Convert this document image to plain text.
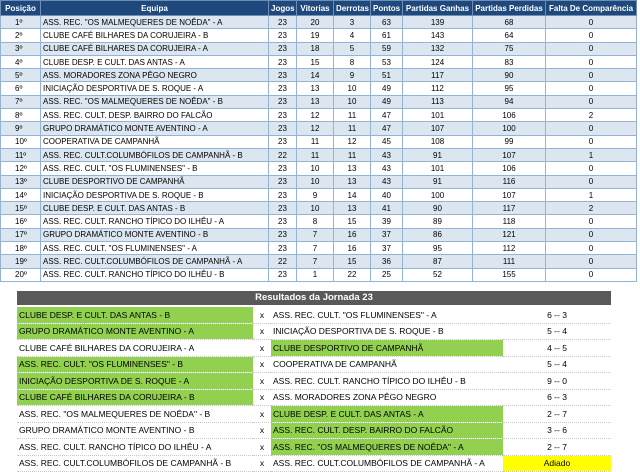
Posição	Equipa	Jogos	Vitorias	Derrotas	Pontos	Partidas Ganhas	Partidas Perdidas	Falta De Comparência
1º	ASS. REC. "OS MALMEQUERES DE NOÊDA" - A	23	20	3	63	139	68	0
2º	CLUBE CAFÉ BILHARES DA CORUJEIRA - B	23	19	4	61	143	64	0
3º	CLUBE CAFÉ BILHARES DA CORUJEIRA - A	23	18	5	59	132	75	0
4º	CLUBE DESP. E CULT. DAS ANTAS - A	23	15	8	53	124	83	0
5º	ASS. MORADORES ZONA PÊGO NEGRO	23	14	9	51	117	90	0
6º	INICIAÇÃO DESPORTIVA DE S. ROQUE - A	23	13	10	49	112	95	0
7º	ASS. REC. "OS MALMEQUERES DE NOÊDA" - B	23	13	10	49	113	94	0
8º	ASS. REC. CULT. DESP. BAIRRO DO FALCÃO	23	12	11	47	101	106	2
9º	GRUPO DRAMÁTICO MONTE AVENTINO - A	23	12	11	47	107	100	0
10º	COOPERATIVA DE CAMPANHÃ	23	11	12	45	108	99	0
11º	ASS. REC. CULT.COLUMBÓFILOS DE CAMPANHÃ - B	22	11	11	43	91	107	1
12º	ASS. REC. CULT. "OS FLUMINENSES" - B	23	10	13	43	101	106	0
13º	CLUBE DESPORTIVO DE CAMPANHÃ	23	10	13	43	91	116	0
14º	INICIAÇÃO DESPORTIVA DE S. ROQUE - B	23	9	14	40	100	107	1
15º	CLUBE DESP. E CULT. DAS ANTAS - B	23	10	13	41	90	117	2
16º	ASS. REC. CULT. RANCHO TÍPICO DO ILHÊU - A	23	8	15	39	89	118	0
17º	GRUPO DRAMÁTICO MONTE AVENTINO - B	23	7	16	37	86	121	0
18º	ASS. REC. CULT. "OS FLUMINENSES" - A	23	7	16	37	95	112	0
19º	ASS. REC. CULT.COLUMBÓFILOS DE CAMPANHÃ - A	22	7	15	36	87	111	0
20º	ASS. REC. CULT. RANCHO TÍPICO DO ILHÊU - B	23	1	22	25	52	155	0
Resultados da Jornada 23
CLUBE DESP. E CULT. DAS ANTAS - B	x	ASS. REC. CULT. "OS FLUMINENSES" - A	6 -- 3
GRUPO DRAMÁTICO MONTE AVENTINO - A	x	INICIAÇÃO DESPORTIVA DE S. ROQUE - B	5 -- 4
CLUBE CAFÉ BILHARES DA CORUJEIRA - A	x	CLUBE DESPORTIVO DE CAMPANHÃ	4 -- 5
ASS. REC. CULT. "OS FLUMINENSES" - B	x	COOPERATIVA DE CAMPANHÃ	5 -- 4
INICIAÇÃO DESPORTIVA DE S. ROQUE - A	x	ASS. REC. CULT. RANCHO TÍPICO DO ILHÊU - B	9 -- 0
CLUBE CAFÉ BILHARES DA CORUJEIRA - B	x	ASS. MORADORES ZONA PÊGO NEGRO	6 -- 3
ASS. REC. "OS MALMEQUERES DE NOÊDA" - B	x	CLUBE DESP. E CULT. DAS ANTAS - A	2 -- 7
GRUPO DRAMÁTICO MONTE AVENTINO - B	x	ASS. REC. CULT. DESP. BAIRRO DO FALCÃO	3 -- 6
ASS. REC. CULT. RANCHO TÍPICO DO ILHÊU - A	x	ASS. REC. "OS MALMEQUERES DE NOÊDA" - A	2 -- 7
ASS. REC. CULT.COLUMBÓFILOS DE CAMPANHÃ - B	x	ASS. REC. CULT.COLUMBÓFILOS DE CAMPANHÃ - A	Adiado
